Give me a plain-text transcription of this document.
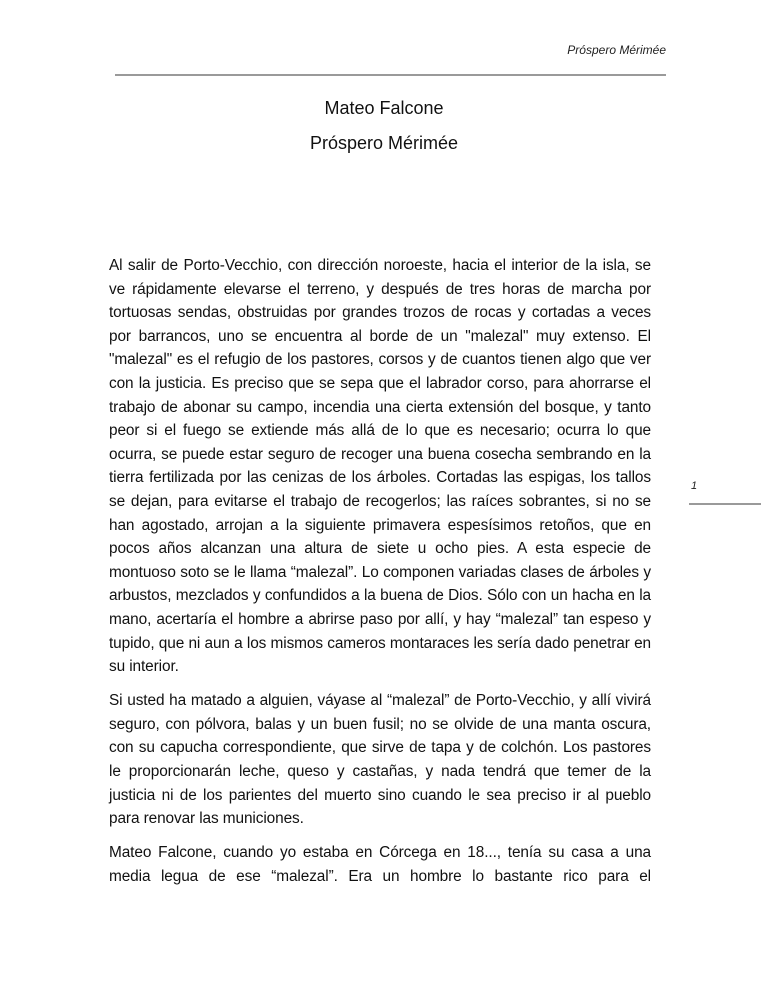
Próspero Mérimée
Mateo Falcone
Próspero Mérimée

Al salir de Porto-Vecchio, con dirección noroeste, hacia el interior de la isla, se ve rápidamente elevarse el terreno, y después de tres horas de marcha por tortuosas sendas, obstruidas por grandes trozos de rocas y cortadas a veces por barrancos, uno se encuentra al borde de un "malezal" muy extenso. El "malezal" es el refugio de los pastores, corsos y de cuantos tienen algo que ver con la justicia. Es preciso que se sepa que el labrador corso, para ahorrarse el trabajo de abonar su campo, incendia una cierta extensión del bosque, y tanto peor si el fuego se extiende más allá de lo que es necesario; ocurra lo que ocurra, se puede estar seguro de recoger una buena cosecha sembrando en la tierra fertilizada por las cenizas de los árboles. Cortadas las espigas, los tallos se dejan, para evitarse el trabajo de recogerlos; las raíces sobrantes, si no se han agostado, arrojan a la siguiente primavera espesísimos retoños, que en pocos años alcanzan una altura de siete u ocho pies. A esta especie de montuoso soto se le llama “malezal”. Lo componen variadas clases de árboles y arbustos, mezclados y confundidos a la buena de Dios. Sólo con un hacha en la mano, acertaría el hombre a abrirse paso por allí, y hay “malezal” tan espeso y tupido, que ni aun a los mismos cameros montaraces les sería dado penetrar en su interior.

Si usted ha matado a alguien, váyase al “malezal” de Porto-Vecchio, y allí vivirá seguro, con pólvora, balas y un buen fusil; no se olvide de una manta oscura, con su capucha correspondiente, que sirve de tapa y de colchón. Los pastores le proporcionarán leche, queso y castañas, y nada tendrá que temer de la justicia ni de los parientes del muerto sino cuando le sea preciso ir al pueblo para renovar las municiones.

Mateo Falcone, cuando yo estaba en Córcega en 18..., tenía su casa a una media legua de ese “malezal”. Era un hombre lo bastante rico para el

1
